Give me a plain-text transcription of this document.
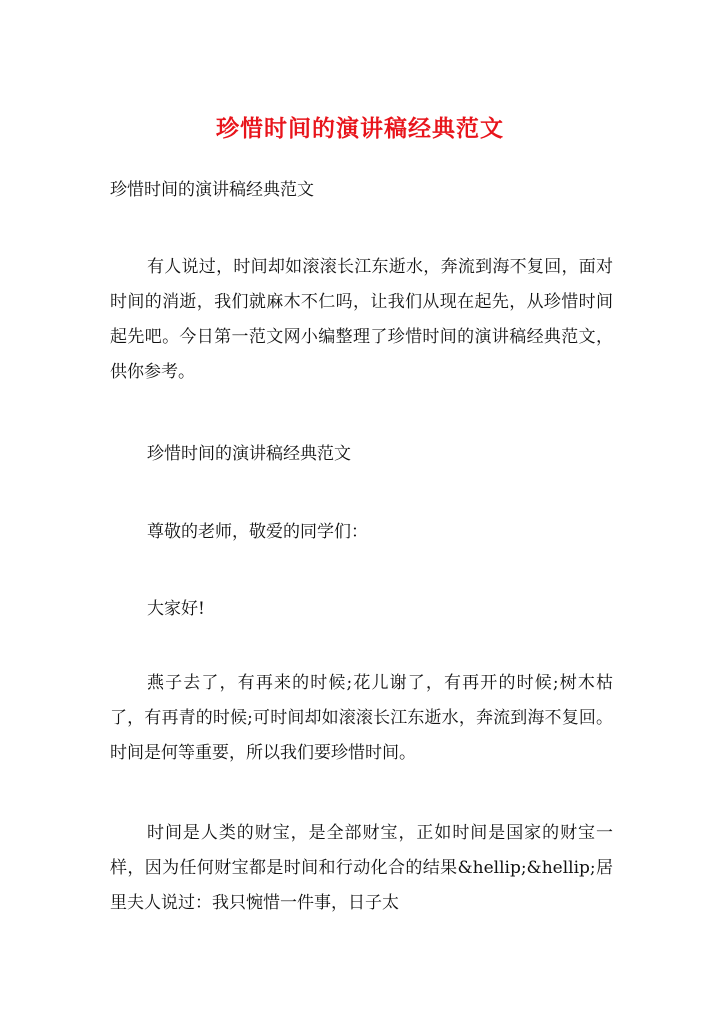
珍惜时间的演讲稿经典范文

珍惜时间的演讲稿经典范文

有人说过，时间却如滚滚长江东逝水，奔流到海不复回，面对时间的消逝，我们就麻木不仁吗，让我们从现在起先，从珍惜时间起先吧。今日第一范文网小编整理了珍惜时间的演讲稿经典范文，供你参考。

珍惜时间的演讲稿经典范文

尊敬的老师，敬爱的同学们：

大家好!

燕子去了，有再来的时候;花儿谢了，有再开的时候;树木枯了，有再青的时候;可时间却如滚滚长江东逝水，奔流到海不复回。时间是何等重要，所以我们要珍惜时间。

时间是人类的财宝，是全部财宝，正如时间是国家的财宝一样，因为任何财宝都是时间和行动化合的结果&hellip;&hellip;居里夫人说过：我只惋惜一件事，日子太
